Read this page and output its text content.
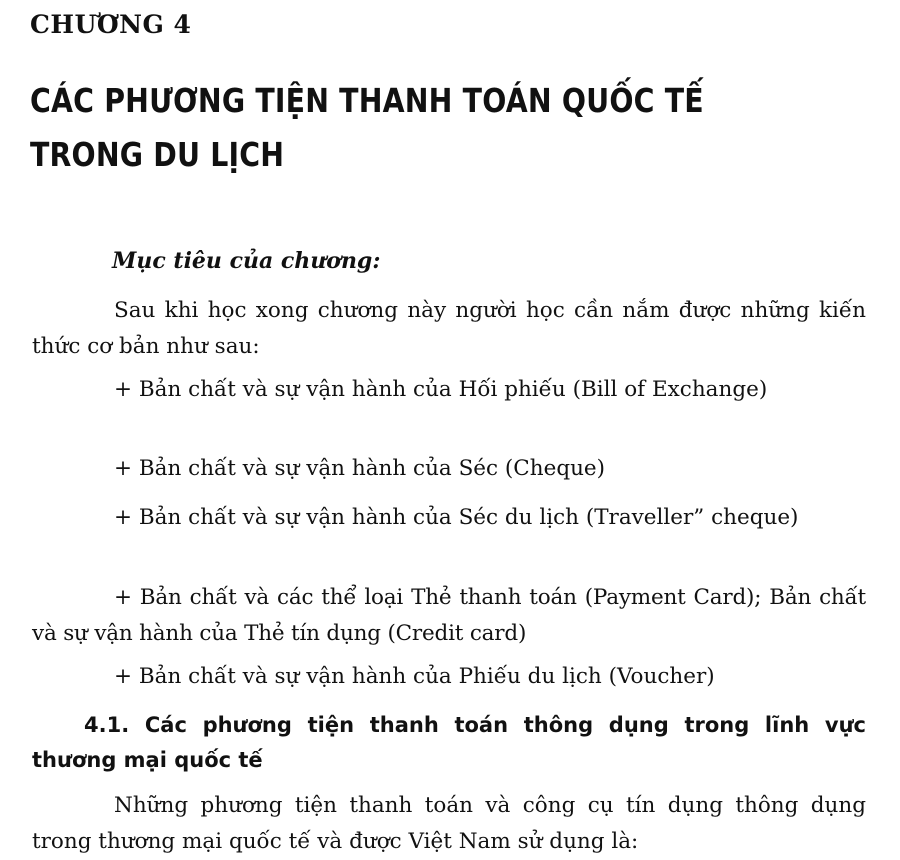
CHƯƠNG 4
CÁC PHƯƠNG TIỆN THANH TOÁN QUỐC TẾ
TRONG DU LỊCH

Mục tiêu của chương:

Sau khi học xong chương này người học cần nắm được những kiến thức cơ bản như sau:

+ Bản chất và sự vận hành của Hối phiếu (Bill of Exchange)

+ Bản chất và sự vận hành của Séc (Cheque)

+ Bản chất và sự vận hành của Séc du lịch (Traveller” cheque)

+ Bản chất và các thể loại Thẻ thanh toán (Payment Card); Bản chất và sự vận hành của Thẻ tín dụng (Credit card)

+ Bản chất và sự vận hành của Phiếu du lịch (Voucher)

4.1. Các phương tiện thanh toán thông dụng trong lĩnh vực thương mại quốc tế

Những phương tiện thanh toán và công cụ tín dụng thông dụng trong thương mại quốc tế và được Việt Nam sử dụng là:
